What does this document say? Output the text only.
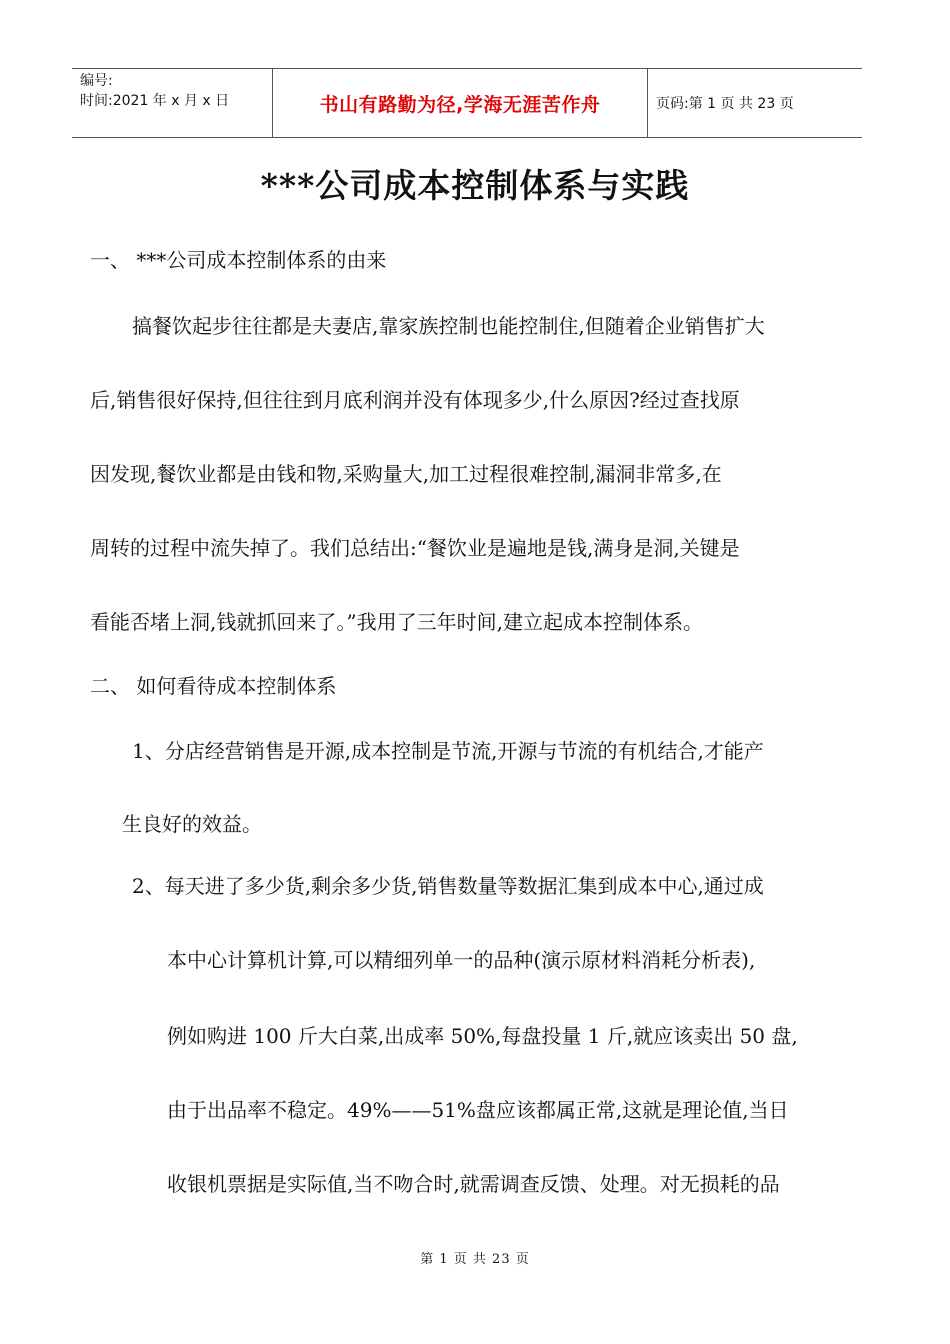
编号:
时间:2021 年 x 月 x 日	书山有路勤为径,学海无涯苦作舟	页码:第 1 页 共 23 页
***公司成本控制体系与实践
一、 ***公司成本控制体系的由来
搞餐饮起步往往都是夫妻店,靠家族控制也能控制住,但随着企业销售扩大
后,销售很好保持,但往往到月底利润并没有体现多少,什么原因?经过查找原
因发现,餐饮业都是由钱和物,采购量大,加工过程很难控制,漏洞非常多,在
周转的过程中流失掉了。我们总结出:“餐饮业是遍地是钱,满身是洞,关键是
看能否堵上洞,钱就抓回来了。”我用了三年时间,建立起成本控制体系。
二、 如何看待成本控制体系
1、分店经营销售是开源,成本控制是节流,开源与节流的有机结合,才能产
生良好的效益。
2、每天进了多少货,剩余多少货,销售数量等数据汇集到成本中心,通过成
本中心计算机计算,可以精细列单一的品种(演示原材料消耗分析表),
例如购进 100 斤大白菜,出成率 50%,每盘投量 1 斤,就应该卖出 50 盘,
由于出品率不稳定。49%——51%盘应该都属正常,这就是理论值,当日
收银机票据是实际值,当不吻合时,就需调查反馈、处理。对无损耗的品
第 1 页 共 23 页
